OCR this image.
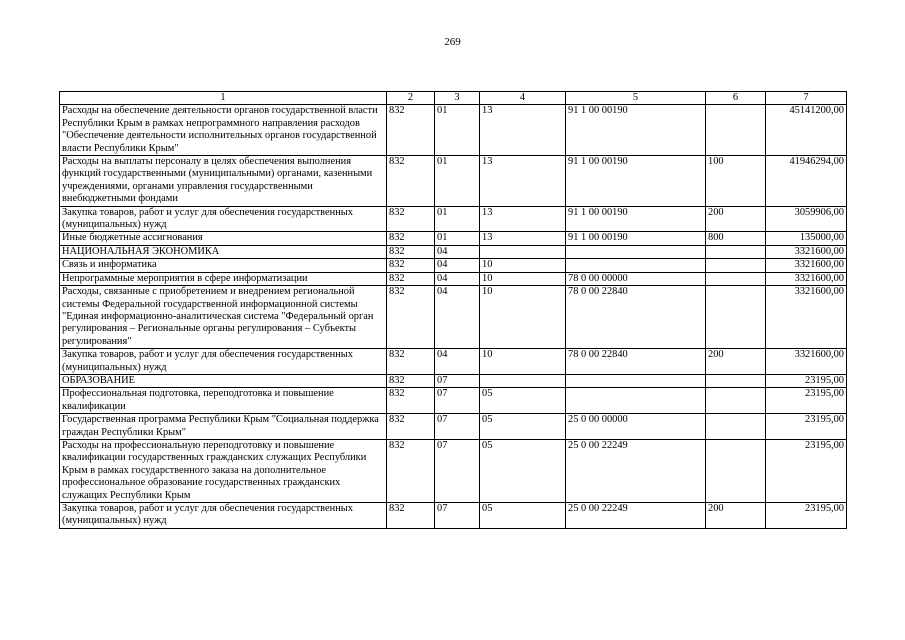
269
1	2	3	4	5	6	7
Расходы на обеспечение деятельности органов государственной власти Республики Крым в рамках непрограммного направления расходов "Обеспечение деятельности исполнительных органов государственной власти Республики Крым"	832	01	13	91 1 00 00190		45141200,00
Расходы на выплаты персоналу в целях обеспечения выполнения функций государственными (муниципальными) органами, казенными учреждениями, органами управления государственными внебюджетными фондами	832	01	13	91 1 00 00190	100	41946294,00
Закупка товаров, работ и услуг для обеспечения государственных (муниципальных) нужд	832	01	13	91 1 00 00190	200	3059906,00
Иные бюджетные ассигнования	832	01	13	91 1 00 00190	800	135000,00
НАЦИОНАЛЬНАЯ ЭКОНОМИКА	832	04				3321600,00
Связь и информатика	832	04	10			3321600,00
Непрограммные мероприятия в сфере информатизации	832	04	10	78 0 00 00000		3321600,00
Расходы, связанные с приобретением и внедрением региональной системы Федеральной государственной информационной системы "Единая информационно-аналитическая система "Федеральный орган регулирования – Региональные органы регулирования – Субъекты регулирования"	832	04	10	78 0 00 22840		3321600,00
Закупка товаров, работ и услуг для обеспечения государственных (муниципальных) нужд	832	04	10	78 0 00 22840	200	3321600,00
ОБРАЗОВАНИЕ	832	07				23195,00
Профессиональная подготовка, переподготовка и повышение квалификации	832	07	05			23195,00
Государственная программа Республики Крым "Социальная поддержка граждан Республики Крым"	832	07	05	25 0 00 00000		23195,00
Расходы на профессиональную переподготовку и повышение квалификации государственных гражданских служащих Республики Крым в рамках государственного заказа на дополнительное профессиональное образование государственных гражданских служащих Республики Крым	832	07	05	25 0 00 22249		23195,00
Закупка товаров, работ и услуг для обеспечения государственных (муниципальных) нужд	832	07	05	25 0 00 22249	200	23195,00
